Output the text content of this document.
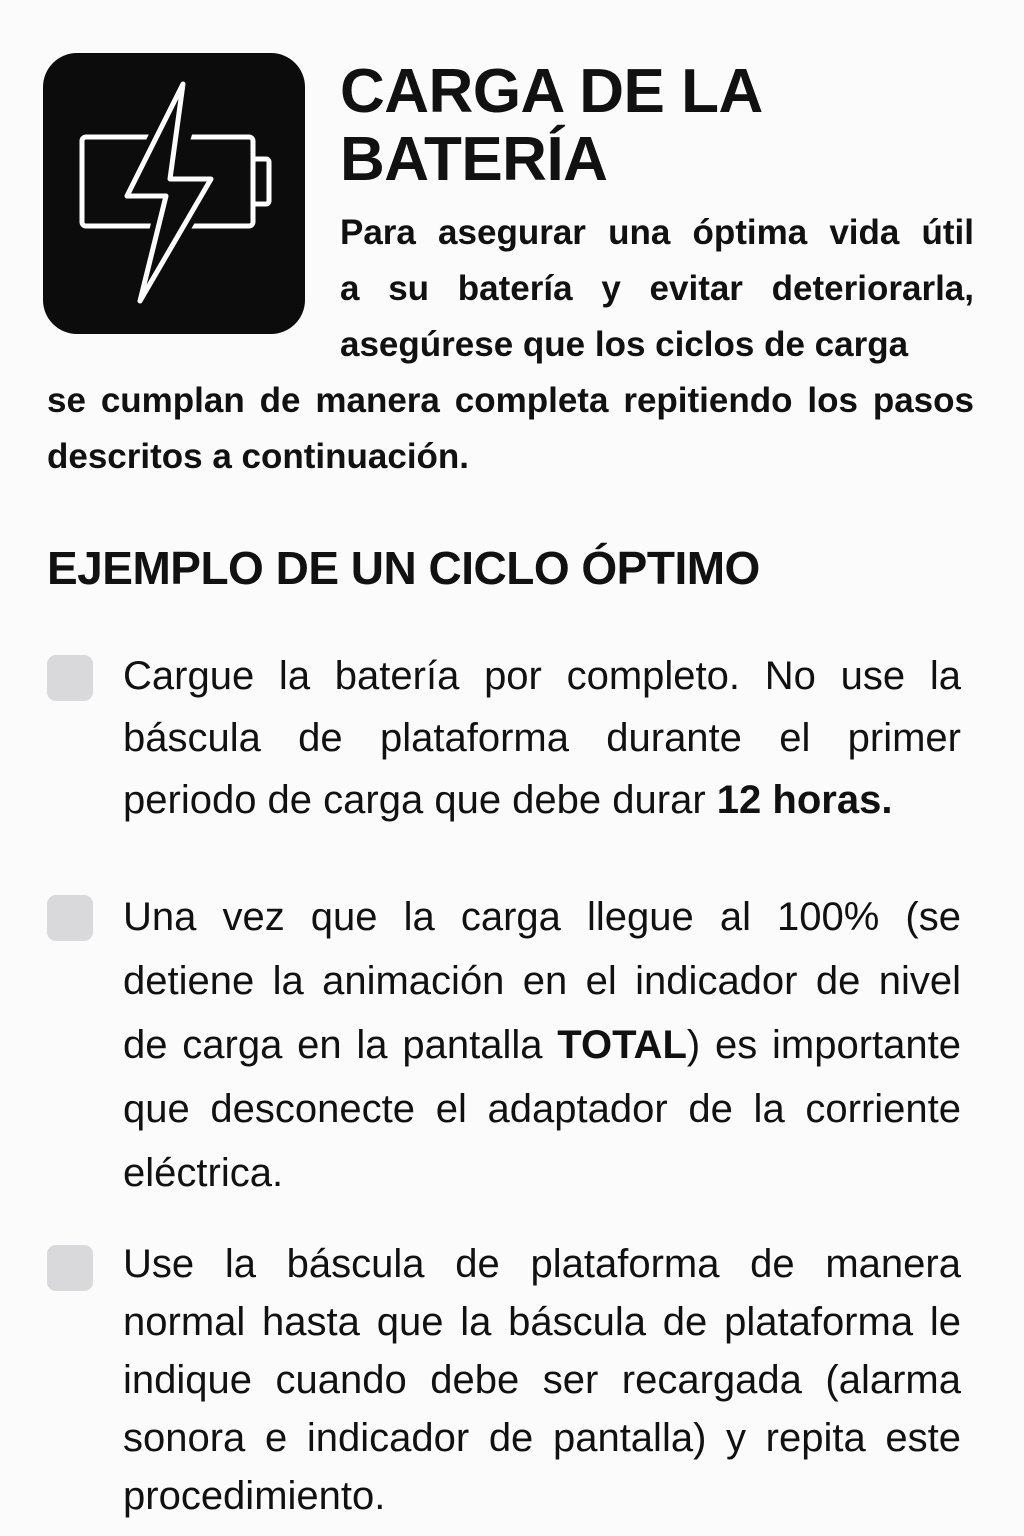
CARGA DE LA BATERÍA
Para asegurar una óptima vida útil
a su batería y evitar deteriorarla,
asegúrese que los ciclos de carga

se cumplan de manera completa repitiendo los pasos descritos a continuación.

EJEMPLO DE UN CICLO ÓPTIMO

Cargue la batería por completo. No use la báscula de plataforma durante el primer periodo de carga que debe durar 12 horas.

Una vez que la carga llegue al 100% (se detiene la animación en el indicador de nivel de carga en la pantalla TOTAL) es importante que desconecte el adaptador de la corriente eléctrica.

Use la báscula de plataforma de manera normal hasta que la báscula de plataforma le indique cuando debe ser recargada (alarma sonora e indicador de pantalla) y repita este procedimiento.
